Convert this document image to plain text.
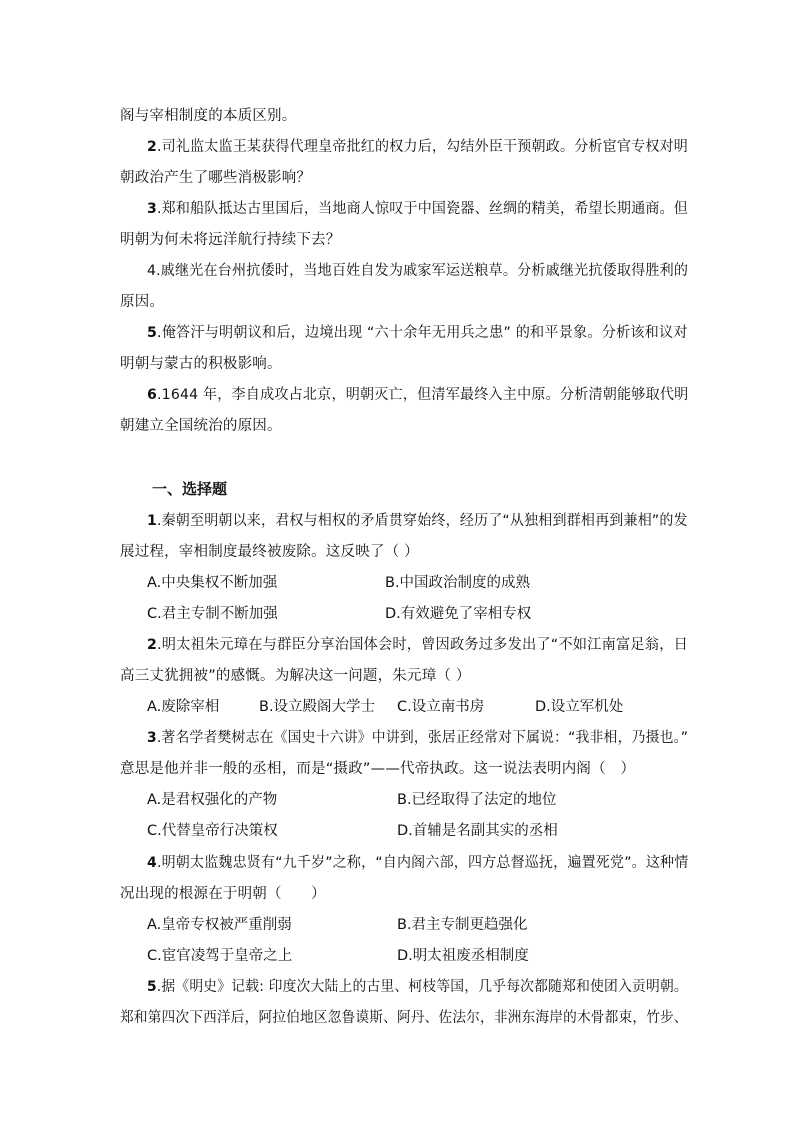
阁与宰相制度的本质区别。
2.司礼监太监王某获得代理皇帝批红的权力后，勾结外臣干预朝政。分析宦官专权对明
朝政治产生了哪些消极影响？
3.郑和船队抵达古里国后，当地商人惊叹于中国瓷器、丝绸的精美，希望长期通商。但
明朝为何未将远洋航行持续下去？
4.戚继光在台州抗倭时，当地百姓自发为戚家军运送粮草。分析戚继光抗倭取得胜利的
原因。
5.俺答汗与明朝议和后，边境出现 “六十余年无用兵之患” 的和平景象。分析该和议对
明朝与蒙古的积极影响。
6.1644 年，李自成攻占北京，明朝灭亡，但清军最终入主中原。分析清朝能够取代明
朝建立全国统治的原因。
一、选择题
1.秦朝至明朝以来，君权与相权的矛盾贯穿始终，经历了“从独相到群相再到兼相”的发
展过程，宰相制度最终被废除。这反映了（ ）
A.中央集权不断加强	B.中国政治制度的成熟
C.君主专制不断加强	D.有效避免了宰相专权
2.明太祖朱元璋在与群臣分享治国体会时，曾因政务过多发出了“不如江南富足翁，日
高三丈犹拥被”的感慨。为解决这一问题，朱元璋（ ）
A.废除宰相	B.设立殿阁大学士 C.设立南书房	D.设立军机处
3.著名学者樊树志在《国史十六讲》中讲到，张居正经常对下属说：“我非相，乃摄也。”
意思是他并非一般的丞相，而是“摄政”——代帝执政。这一说法表明内阁（　）
A.是君权强化的产物	B.已经取得了法定的地位
C.代替皇帝行决策权	D.首辅是名副其实的丞相
4.明朝太监魏忠贤有“九千岁”之称，“自内阁六部，四方总督巡抚，遍置死党”。这种情
况出现的根源在于明朝（　　）
A.皇帝专权被严重削弱	B.君主专制更趋强化
C.宦官凌驾于皇帝之上	D.明太祖废丞相制度
5.据《明史》记载: 印度次大陆上的古里、柯枝等国，几乎每次都随郑和使团入贡明朝。
郑和第四次下西洋后，阿拉伯地区忽鲁谟斯、阿丹、佐法尔，非洲东海岸的木骨都束，竹步、
